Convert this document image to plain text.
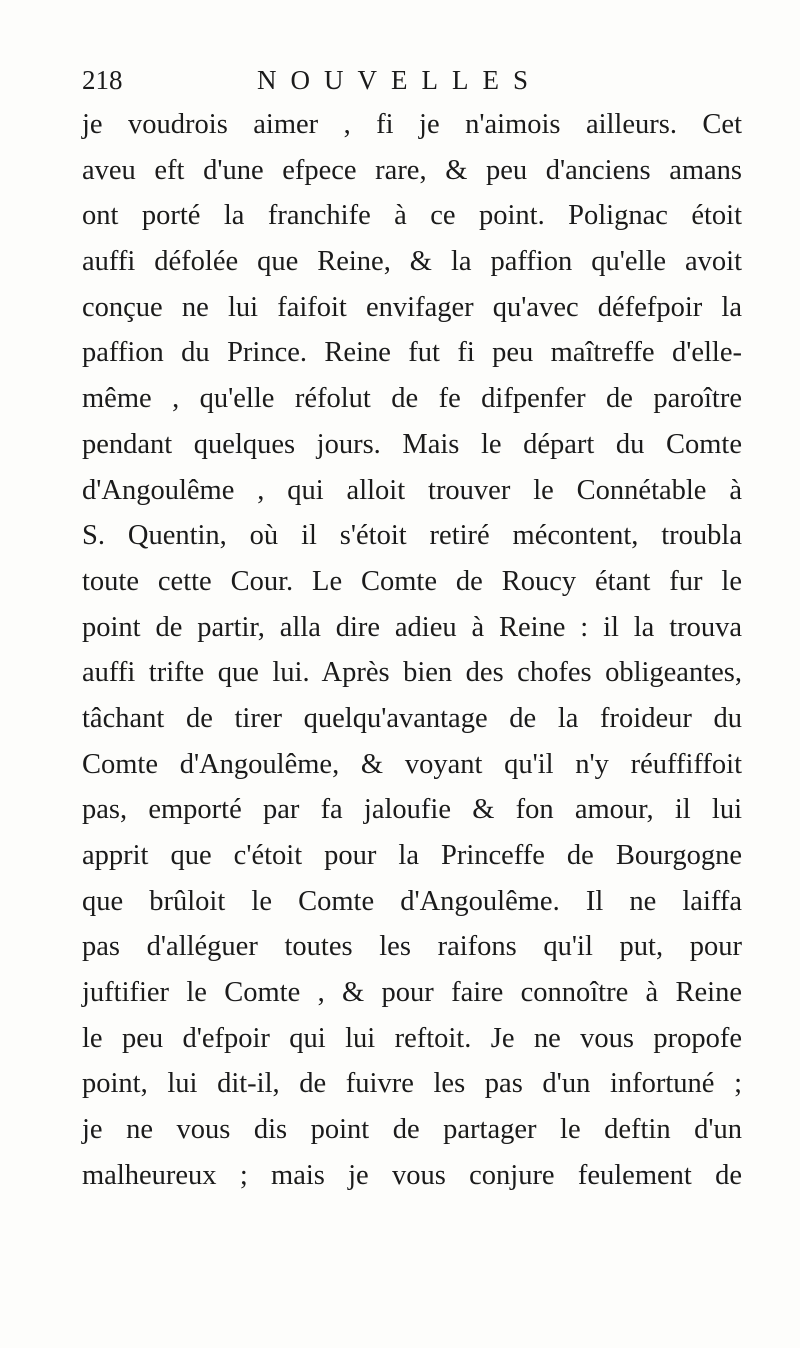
218	NOUVELLES
je voudrois aimer , fi je n'aimois ailleurs. Cet
aveu eft d'une efpece rare, & peu d'anciens amans
ont porté la franchife à ce point. Polignac étoit
auffi défolée que Reine, & la paffion qu'elle avoit
conçue ne lui faifoit envifager qu'avec défefpoir la
paffion du Prince. Reine fut fi peu maîtreffe d'elle-
même , qu'elle réfolut de fe difpenfer de paroître
pendant quelques jours. Mais le départ du Comte
d'Angoulême , qui alloit trouver le Connétable à
S. Quentin, où il s'étoit retiré mécontent, troubla
toute cette Cour. Le Comte de Roucy étant fur le
point de partir, alla dire adieu à Reine : il la trouva
auffi trifte que lui. Après bien des chofes obligeantes,
tâchant de tirer quelqu'avantage de la froideur du
Comte d'Angoulême, & voyant qu'il n'y réuffiffoit
pas, emporté par fa jaloufie & fon amour, il lui
apprit que c'étoit pour la Princeffe de Bourgogne
que brûloit le Comte d'Angoulême. Il ne laiffa
pas d'alléguer toutes les raifons qu'il put, pour
juftifier le Comte , & pour faire connoître à Reine
le peu d'efpoir qui lui reftoit. Je ne vous propofe
point, lui dit-il, de fuivre les pas d'un infortuné ;
je ne vous dis point de partager le deftin d'un
malheureux ; mais je vous conjure feulement de
